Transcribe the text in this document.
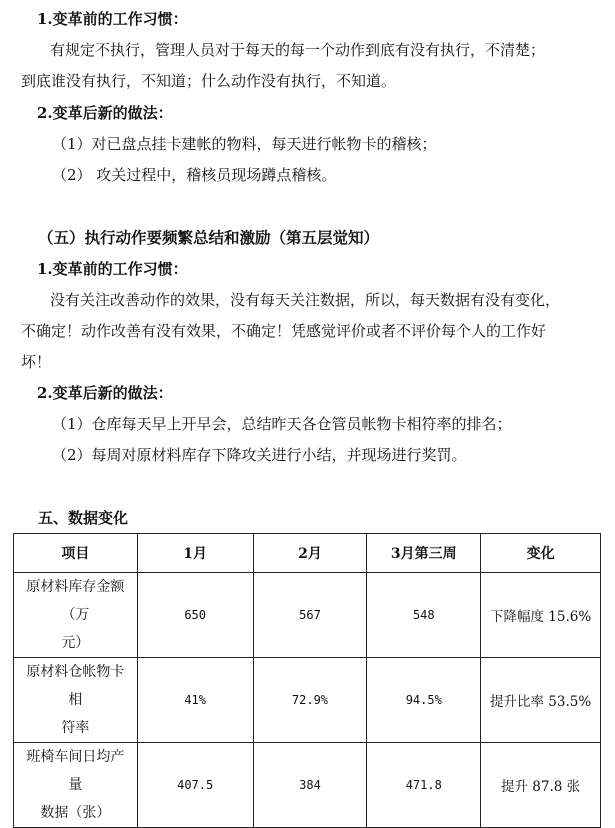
1.变革前的工作习惯：
有规定不执行，管理人员对于每天的每一个动作到底有没有执行，不清楚；
到底谁没有执行，不知道；什么动作没有执行，不知道。
2.变革后新的做法：
（1）对已盘点挂卡建帐的物料，每天进行帐物卡的稽核；
（2） 攻关过程中，稽核员现场蹲点稽核。
（五）执行动作要频繁总结和激励（第五层觉知）
1.变革前的工作习惯：
没有关注改善动作的效果，没有每天关注数据，所以，每天数据有没有变化，
不确定！动作改善有没有效果，不确定！凭感觉评价或者不评价每个人的工作好
坏！
2.变革后新的做法：
（1）仓库每天早上开早会，总结昨天各仓管员帐物卡相符率的排名；
（2）每周对原材料库存下降攻关进行小结，并现场进行奖罚。
五、数据变化
项目	1月	2月	3月第三周	变化
原材料库存金额（万
元）	650	567	548	下降幅度 15.6%
原材料仓帐物卡相
符率	41%	72.9%	94.5%	提升比率 53.5%
班椅车间日均产量
数据（张）	407.5	384	471.8	提升 87.8 张
